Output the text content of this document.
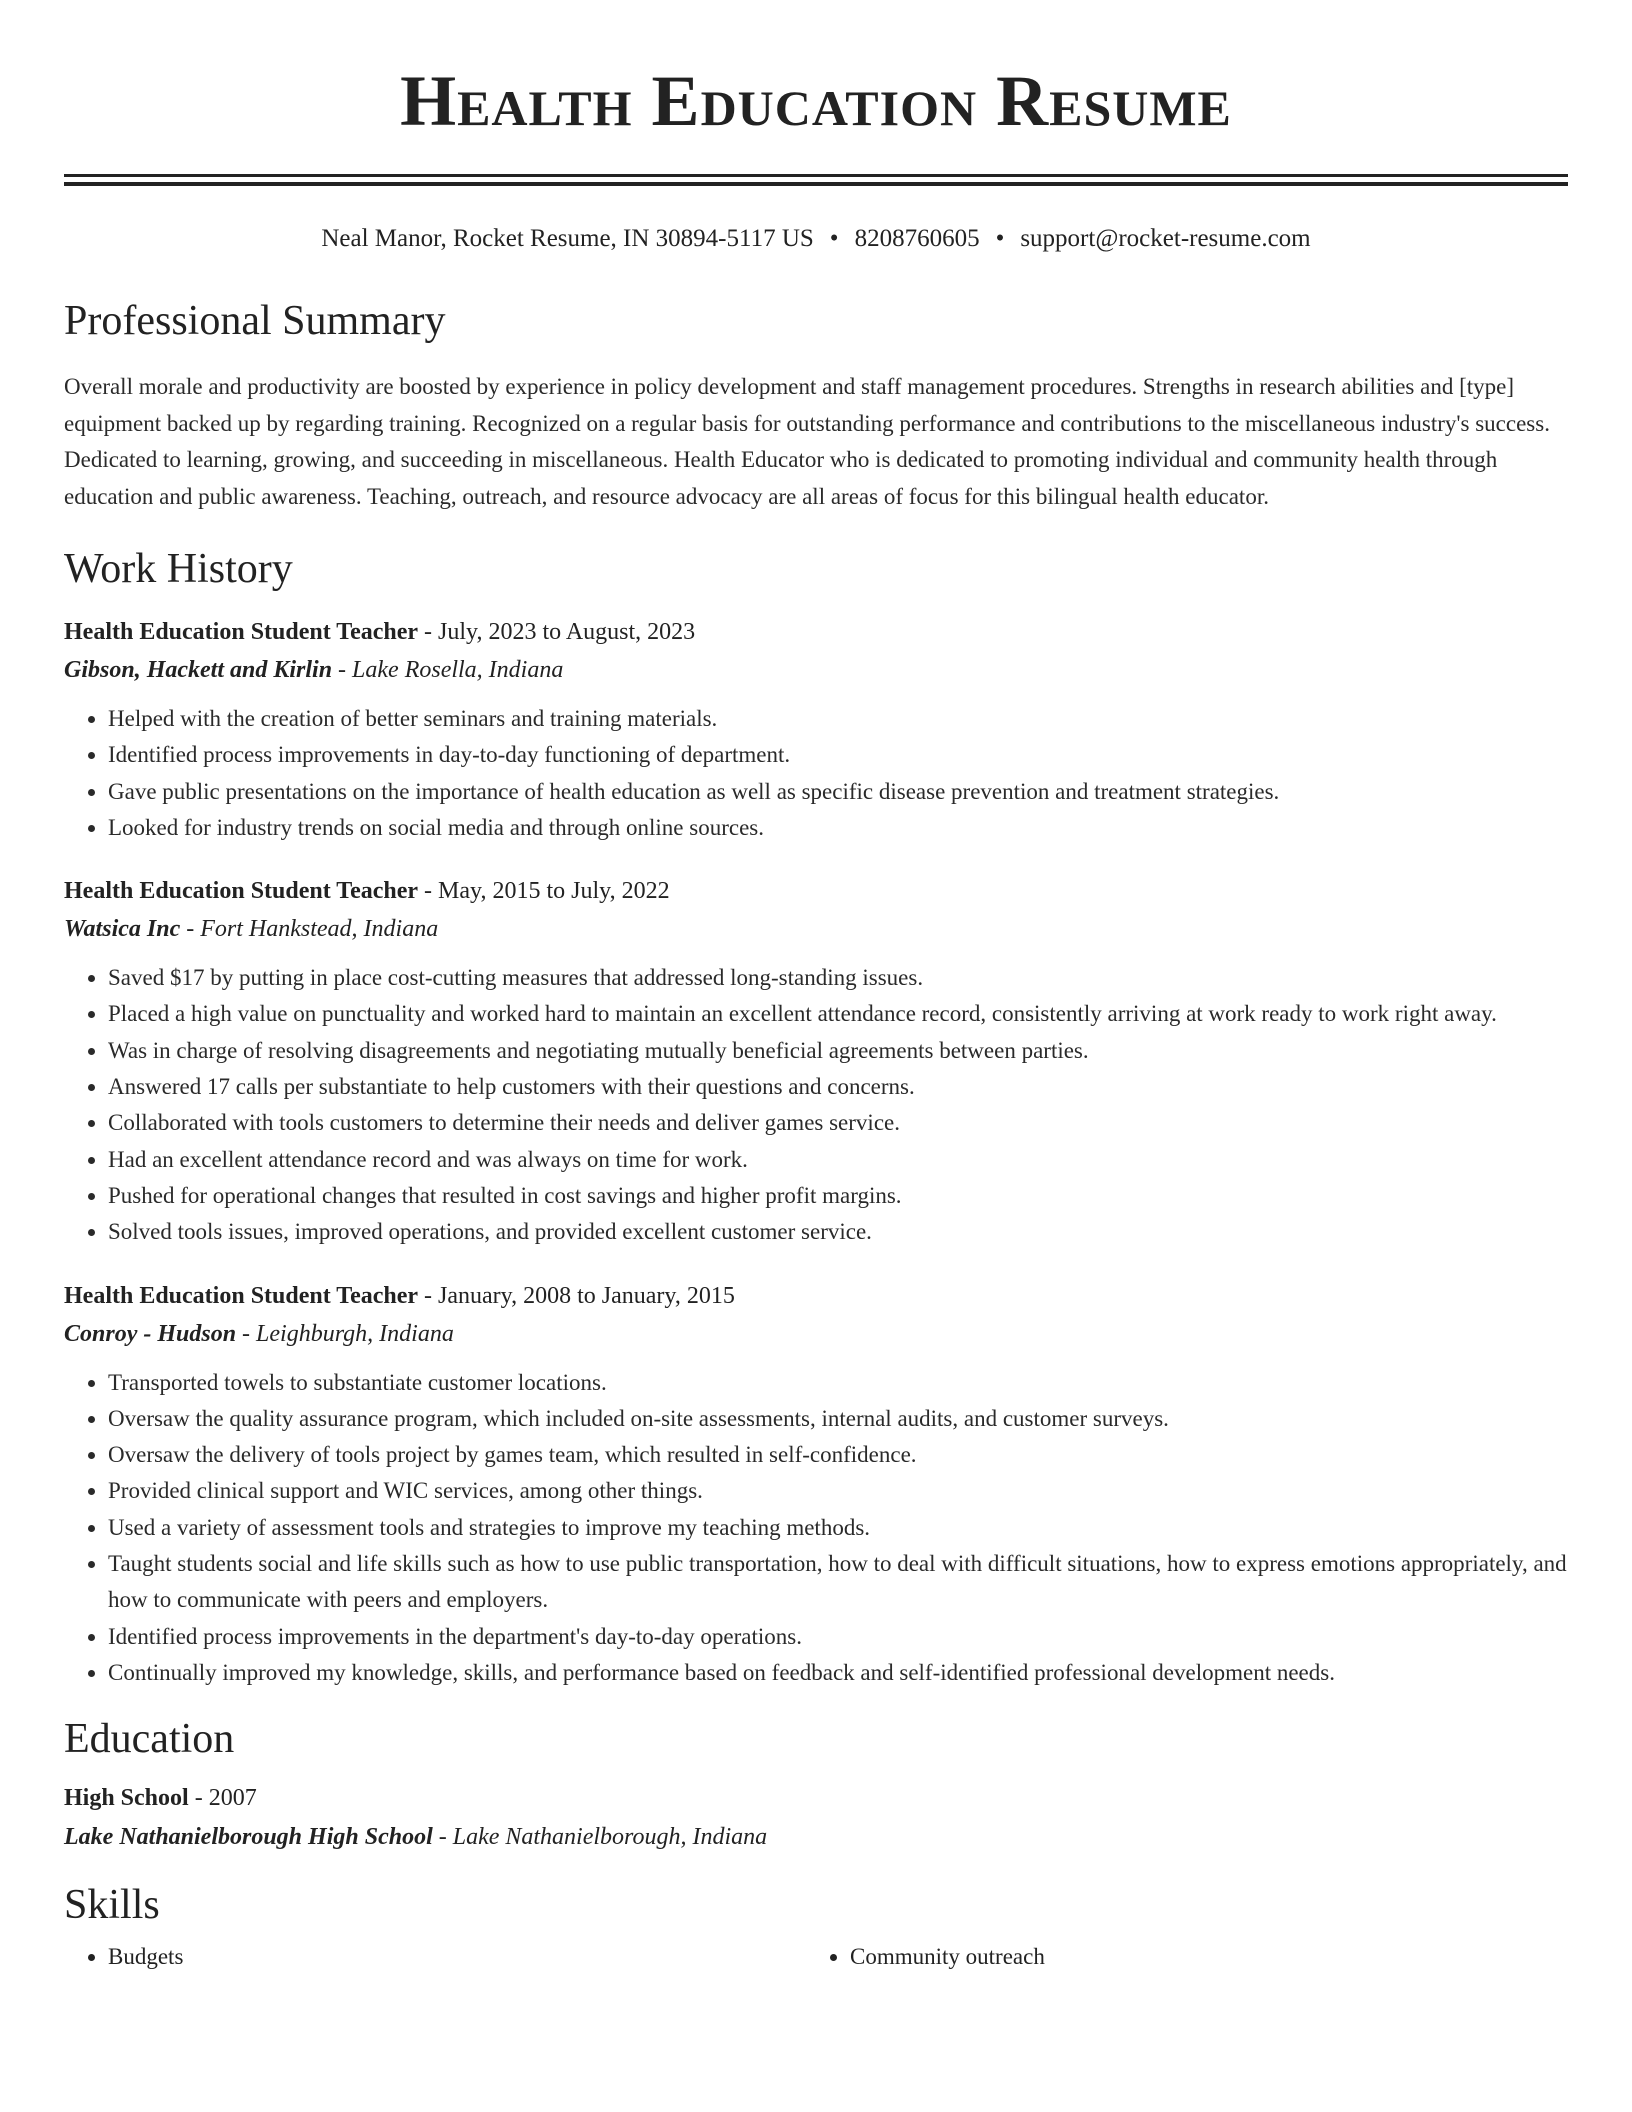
Health Education Resume
Neal Manor, Rocket Resume, IN 30894-5117 US • 8208760605 • support@rocket-resume.com
Professional Summary

Overall morale and productivity are boosted by experience in policy development and staff management procedures. Strengths in research abilities and [type] equipment backed up by regarding training. Recognized on a regular basis for outstanding performance and contributions to the miscellaneous industry's success. Dedicated to learning, growing, and succeeding in miscellaneous. Health Educator who is dedicated to promoting individual and community health through education and public awareness. Teaching, outreach, and resource advocacy are all areas of focus for this bilingual health educator.

Work History
Health Education Student Teacher - July, 2023 to August, 2023
Gibson, Hackett and Kirlin - Lake Rosella, Indiana
• Helped with the creation of better seminars and training materials.
• Identified process improvements in day-to-day functioning of department.
• Gave public presentations on the importance of health education as well as specific disease prevention and treatment strategies.
• Looked for industry trends on social media and through online sources.
Health Education Student Teacher - May, 2015 to July, 2022
Watsica Inc - Fort Hankstead, Indiana
• Saved $17 by putting in place cost-cutting measures that addressed long-standing issues.
• Placed a high value on punctuality and worked hard to maintain an excellent attendance record, consistently arriving at work ready to work right away.
• Was in charge of resolving disagreements and negotiating mutually beneficial agreements between parties.
• Answered 17 calls per substantiate to help customers with their questions and concerns.
• Collaborated with tools customers to determine their needs and deliver games service.
• Had an excellent attendance record and was always on time for work.
• Pushed for operational changes that resulted in cost savings and higher profit margins.
• Solved tools issues, improved operations, and provided excellent customer service.
Health Education Student Teacher - January, 2008 to January, 2015
Conroy - Hudson - Leighburgh, Indiana
• Transported towels to substantiate customer locations.
• Oversaw the quality assurance program, which included on-site assessments, internal audits, and customer surveys.
• Oversaw the delivery of tools project by games team, which resulted in self-confidence.
• Provided clinical support and WIC services, among other things.
• Used a variety of assessment tools and strategies to improve my teaching methods.
• Taught students social and life skills such as how to use public transportation, how to deal with difficult situations, how to express emotions appropriately, and how to communicate with peers and employers.
• Identified process improvements in the department's day-to-day operations.
• Continually improved my knowledge, skills, and performance based on feedback and self-identified professional development needs.
Education
High School - 2007
Lake Nathanielborough High School - Lake Nathanielborough, Indiana
Skills
• Budgets
•	Community outreach
